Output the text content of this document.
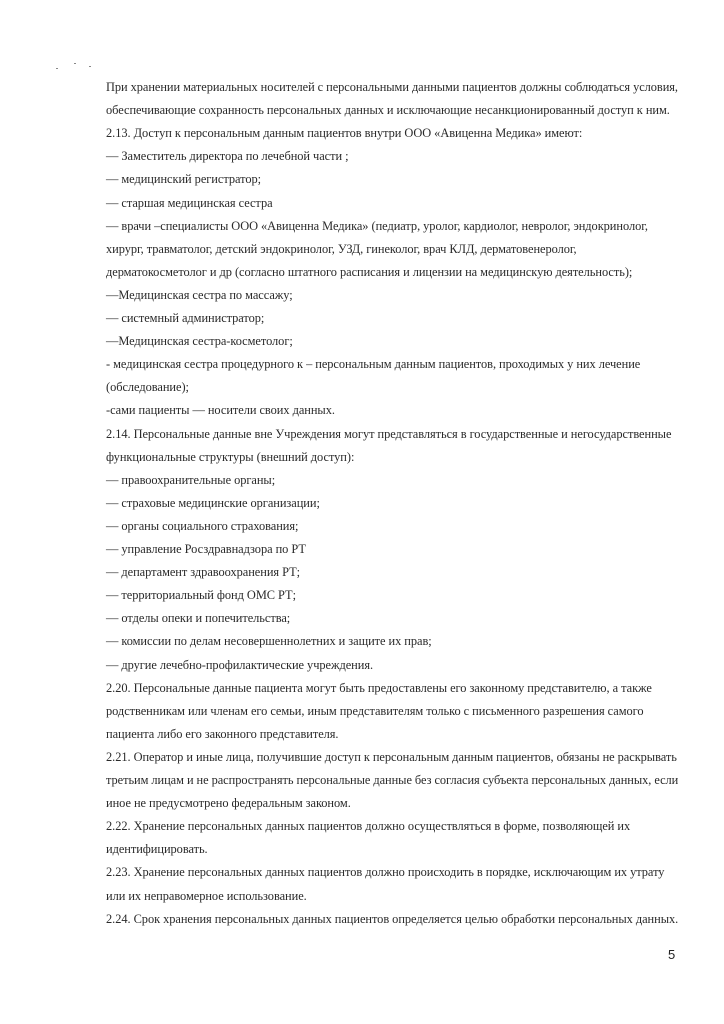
При хранении материальных носителей с персональными данными пациентов должны соблюдаться условия,
обеспечивающие сохранность персональных данных и исключающие несанкционированный доступ к ним.
2.13. Доступ к персональным данным пациентов внутри ООО «Авиценна Медика» имеют:
— Заместитель директора по лечебной части ;
— медицинский регистратор;
— старшая медицинская сестра
— врачи –специалисты ООО «Авиценна Медика» (педиатр, уролог, кардиолог, невролог, эндокринолог,
хирург, травматолог, детский эндокринолог, УЗД, гинеколог, врач КЛД, дерматовенеролог,
дерматокосметолог и др (согласно штатного расписания и лицензии на медицинскую деятельность);
—Медицинская сестра по массажу;
— системный администратор;
—Медицинская сестра-косметолог;
- медицинская сестра процедурного к – персональным данным пациентов, проходимых у них лечение
(обследование);
-сами пациенты — носители своих данных.
2.14. Персональные данные вне Учреждения могут представляться в государственные и негосударственные
функциональные структуры (внешний доступ):
— правоохранительные органы;
— страховые медицинские организации;
— органы социального страхования;
— управление Росздравнадзора по РТ
— департамент здравоохранения РТ;
— территориальный фонд ОМС РТ;
— отделы опеки и попечительства;
— комиссии по делам несовершеннолетних и защите их прав;
— другие лечебно-профилактические учреждения.
2.20. Персональные данные пациента могут быть предоставлены его законному представителю, а также
родственникам или членам его семьи, иным представителям только с письменного разрешения самого
пациента либо его законного представителя.
2.21. Оператор и иные лица, получившие доступ к персональным данным пациентов, обязаны не раскрывать
третьим лицам и не распространять персональные данные без согласия субъекта персональных данных, если
иное не предусмотрено федеральным законом.
2.22. Хранение персональных данных пациентов должно осуществляться в форме, позволяющей их
идентифицировать.
2.23. Хранение персональных данных пациентов должно происходить в порядке, исключающим их утрату
или их неправомерное использование.
2.24. Срок хранения персональных данных пациентов определяется целью обработки персональных данных.
5
